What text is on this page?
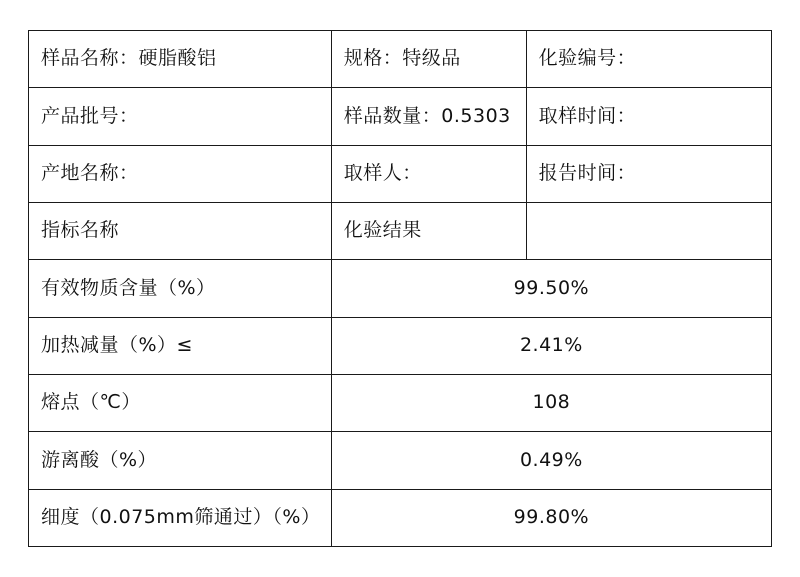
样品名称：硬脂酸铝	规格：特级品	化验编号：
产品批号：	样品数量：0.5303	取样时间：
产地名称：	取样人：	报告时间：
指标名称	化验结果	
有效物质含量（%）	99.50%	
加热减量（%）≤	2.41%	
熔点（℃）	108	
游离酸（%）	0.49%	
细度（0.075mm筛通过）（%）	99.80%	
